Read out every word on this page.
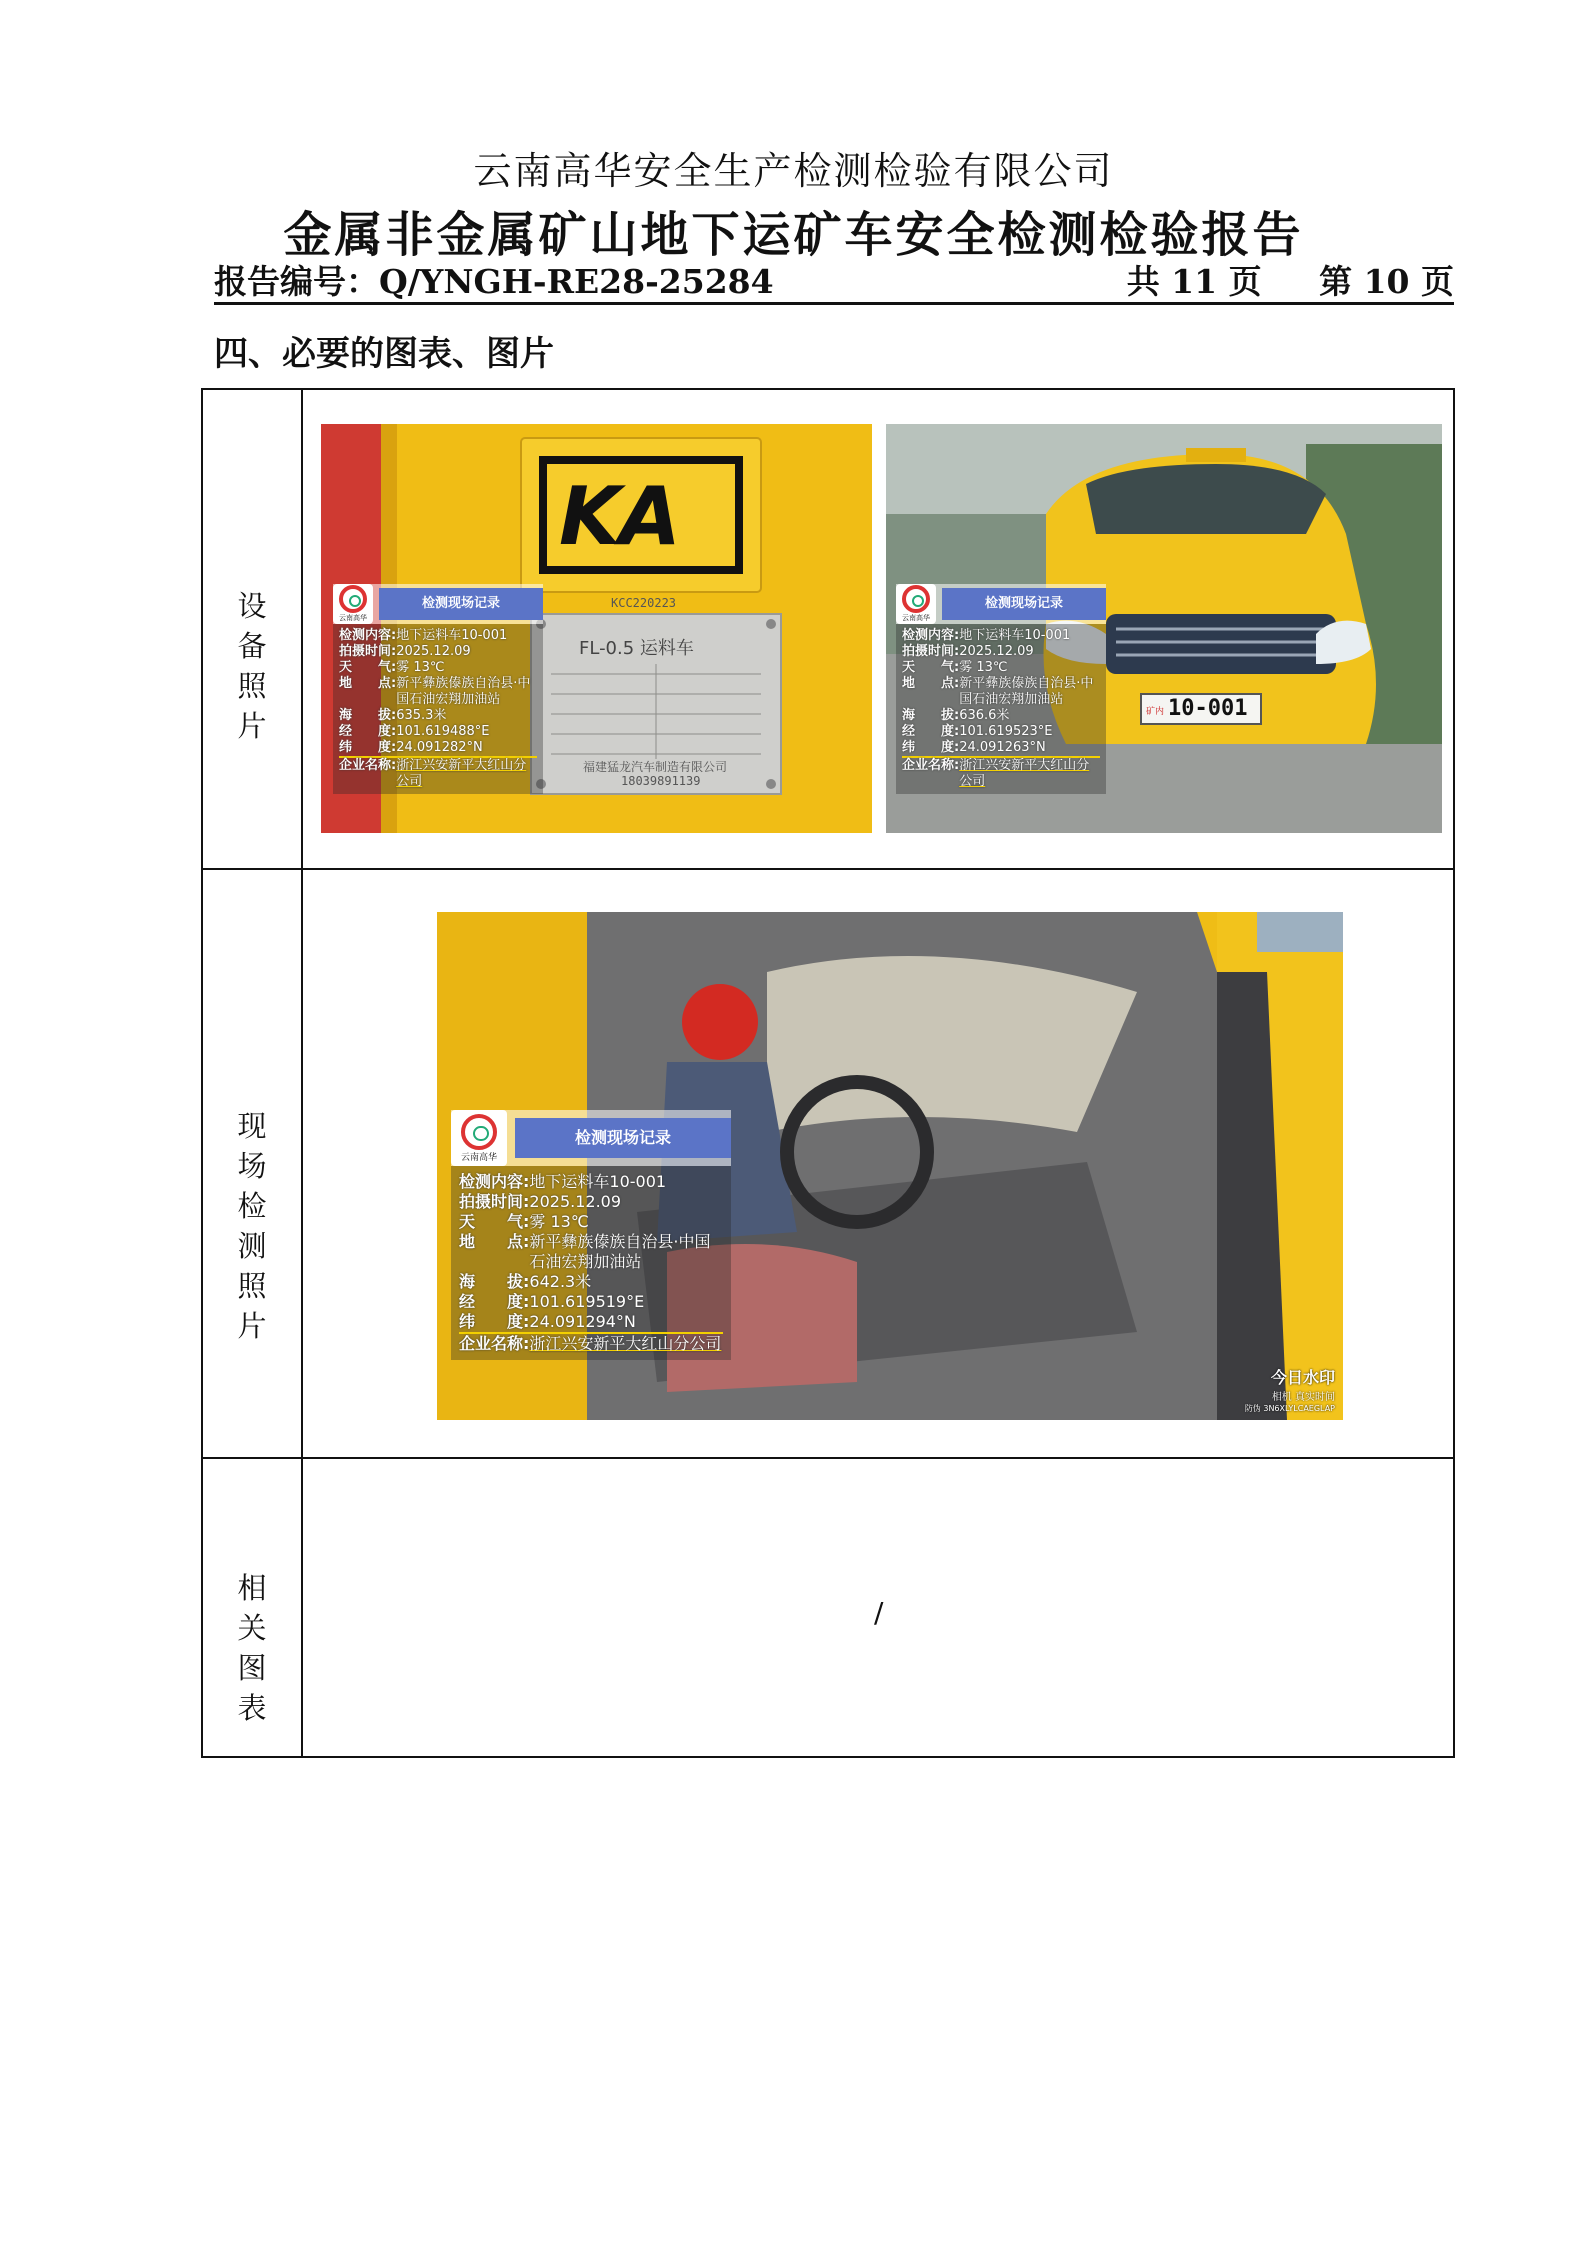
云南高华安全生产检测检验有限公司
金属非金属矿山地下运矿车安全检测检验报告
报告编号：Q/YNGH-RE28-25284	共 11 页 第 10 页
四、必要的图表、图片
设备照片
现场检测照片
相关图表
/
KA
KCC220223
FL-0.5 运料车
福建猛龙汽车制造有限公司
18039891139
云南高华
检测现场记录
检测内容: 地下运料车10-001
拍摄时间: 2025.12.09
天　　气: 雾 13℃
地　　点: 新平彝族傣族自治县·中国石油宏翔加油站
海　　拔: 635.3米
经　　度: 101.619488°E
纬　　度: 24.091282°N
企业名称: 浙江兴安新平大红山分公司
矿内 10-001
云南高华
检测现场记录
检测内容: 地下运料车10-001
拍摄时间: 2025.12.09
天　　气: 雾 13℃
地　　点: 新平彝族傣族自治县·中国石油宏翔加油站
海　　拔: 636.6米
经　　度: 101.619523°E
纬　　度: 24.091263°N
企业名称: 浙江兴安新平大红山分公司
今日水印
相机 真实时间
防伪 3N6XLYLCAEGLAP
云南高华
检测现场记录
检测内容: 地下运料车10-001
拍摄时间: 2025.12.09
天　　气: 雾 13℃
地　　点: 新平彝族傣族自治县·中国石油宏翔加油站
海　　拔: 642.3米
经　　度: 101.619519°E
纬　　度: 24.091294°N
企业名称: 浙江兴安新平大红山分公司
